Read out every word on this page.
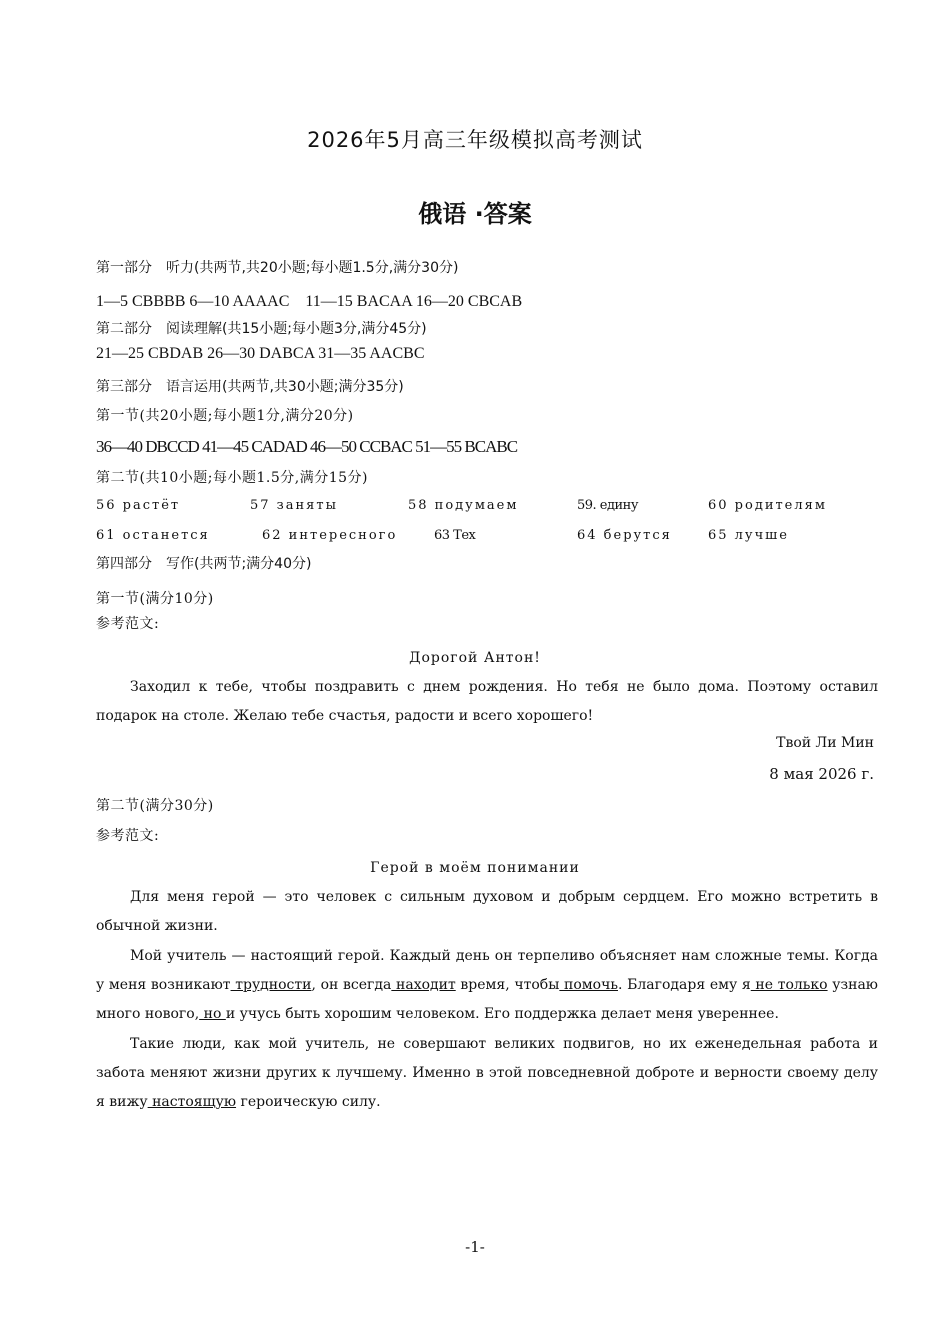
2026年5月高三年级模拟高考测试
俄语 ·答案
第一部分　听力(共两节,共20小题;每小题1.5分,满分30分)
1—5 CBBBB 6—10 AAAAC　11—15 BACAA 16—20 CBCAB
第二部分　阅读理解(共15小题;每小题3分,满分45分)
21—25 CBDAB 26—30 DABCA 31—35 AACBC
第三部分　语言运用(共两节,共30小题;满分35分)
第一节(共20小题;每小题1分,满分20分)
36—40 DBCCD 41—45 CADAD 46—50 CCBAC 51—55 BCABC
第二节(共10小题;每小题1.5分,满分15分)
56 растёт	57 заняты	58 подумаем	59. едину	60 родителям
61 останется	62 интересного	63 Тех	64 берутся	65 лучше
第四部分　写作(共两节;满分40分)
第一节(满分10分)
参考范文:
Дорогой Антон!
Заходил к тебе, чтобы поздравить с днем рождения. Но тебя не было дома. Поэтому оставил подарок на столе. Желаю тебе счастья, радости и всего хорошего!
Твой Ли Мин
8 мая 2026 г.
第二节(满分30分)
参考范文:
Герой в моём понимании
Для меня герой — это человек с сильным духовом и добрым сердцем. Его можно встретить в обычной жизни.
Мой учитель — настоящий герой. Каждый день он терпеливо объясняет нам сложные темы. Когда у меня возникают трудности, он всегда находит время, чтобы помочь. Благодаря ему я не только узнаю много нового, но и учусь быть хорошим человеком. Его поддержка делает меня увереннее.
Такие люди, как мой учитель, не совершают великих подвигов, но их еженедельная работа и забота меняют жизни других к лучшему. Именно в этой повседневной доброте и верности своему делу я вижу настоящую героическую силу.
-1-
